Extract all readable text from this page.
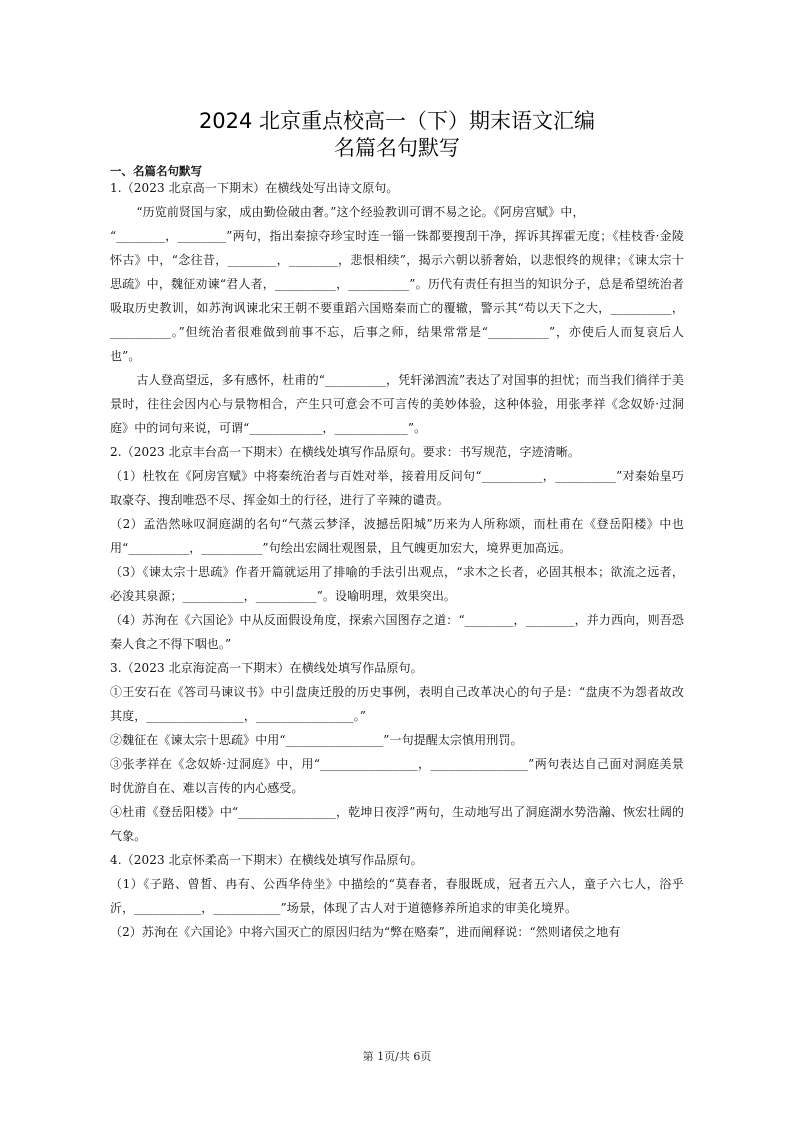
2024 北京重点校高一（下）期末语文汇编
名篇名句默写
一、名篇名句默写

1.（2023 北京高一下期末）在横线处写出诗文原句。

“历览前贤国与家，成由勤俭破由奢。”这个经验教训可谓不易之论。《阿房宫赋》中，

“________，________”两句，指出秦掠夺珍宝时连一锱一铢都要搜刮干净，挥诉其挥霍无度；《桂枝香·金陵怀古》中，“念往昔，________，________，悲恨相续”，揭示六朝以骄奢始，以悲恨终的规律；《谏太宗十思疏》中，魏征劝谏“君人者，__________，__________”。历代有责任有担当的知识分子，总是希望统治者吸取历史教训，如苏洵讽谏北宋王朝不要重蹈六国赂秦而亡的覆辙，警示其“苟以天下之大，__________，__________。”但统治者很难做到前事不忘，后事之师，结果常常是“__________”，亦使后人而复哀后人也”。

古人登高望远，多有感怀，杜甫的“__________，凭轩涕泗流”表达了对国事的担忧；而当我们徜徉于美景时，往往会因内心与景物相合，产生只可意会不可言传的美妙体验，这种体验，用张孝祥《念奴娇·过洞庭》中的词句来说，可谓“____________，____________”。

2.（2023 北京丰台高一下期末）在横线处填写作品原句。要求：书写规范，字迹清晰。

（1）杜牧在《阿房宫赋》中将秦统治者与百姓对举，接着用反问句“__________，__________”对秦始皇巧取豪夺、搜刮唯恐不尽、挥金如土的行径，进行了辛辣的谴责。

（2）孟浩然咏叹洞庭湖的名句“气蒸云梦泽，波撼岳阳城”历来为人所称颂，而杜甫在《登岳阳楼》中也用“__________，__________”句绘出宏阔壮观图景，且气魄更加宏大，境界更加高远。

（3）《谏太宗十思疏》作者开篇就运用了排喻的手法引出观点，“求木之长者，必固其根本；欲流之远者，必浚其泉源；__________，__________”。设喻明理，效果突出。

（4）苏洵在《六国论》中从反面假设角度，探索六国图存之道：“________，________，并力西向，则吾恐秦人食之不得下咽也。”

3.（2023 北京海淀高一下期末）在横线处填写作品原句。

①王安石在《答司马谏议书》中引盘庚迁殷的历史事例，表明自己改革决心的句子是：“盘庚不为怨者故改其度，________________，________________。”

②魏征在《谏太宗十思疏》中用“________________”一句提醒太宗慎用刑罚。

③张孝祥在《念奴娇·过洞庭》中，用“________________，________________”两句表达自己面对洞庭美景时优游自在、难以言传的内心感受。

④杜甫《登岳阳楼》中“________________，乾坤日夜浮”两句，生动地写出了洞庭湖水势浩瀚、恢宏壮阔的气象。

4.（2023 北京怀柔高一下期末）在横线处填写作品原句。

（1）《子路、曾皙、冉有、公西华侍坐》中描绘的“莫春者，春服既成，冠者五六人，童子六七人，浴乎沂，___________，___________”场景，体现了古人对于道德修养所追求的审美化境界。

（2）苏洵在《六国论》中将六国灭亡的原因归结为“弊在赂秦”，进而阐释说：“然则诸侯之地有

第 1页/共 6页
